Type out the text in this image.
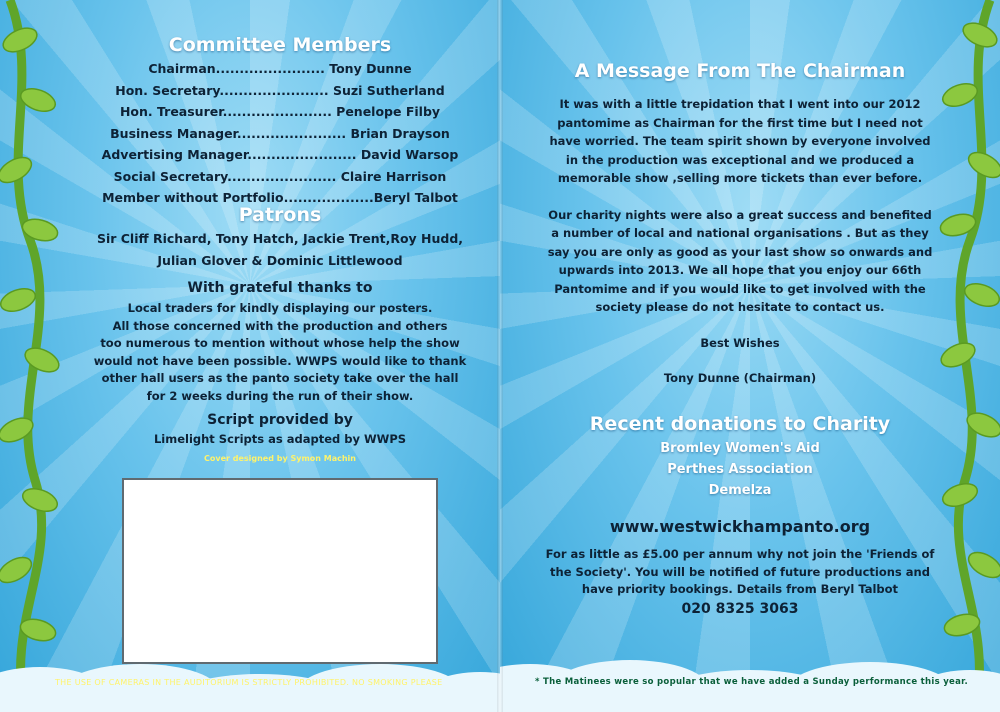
Committee Members
Chairman....................... Tony Dunne
Hon. Secretary....................... Suzi Sutherland
Hon. Treasurer....................... Penelope Filby
Business Manager....................... Brian Drayson
Advertising Manager....................... David Warsop
Social Secretary....................... Claire Harrison
Member without Portfolio...................Beryl Talbot
Patrons
Sir Cliff Richard, Tony Hatch, Jackie Trent,Roy Hudd,
Julian Glover & Dominic Littlewood
With grateful thanks to
Local traders for kindly displaying our posters.
All those concerned with the production and others
too numerous to mention without whose help the show
would not have been possible. WWPS would like to thank
other hall users as the panto society take over the hall
for 2 weeks during the run of their show.
Script provided by
Limelight Scripts as adapted by WWPS
Cover designed by Symon Machin
THE USE OF CAMERAS IN THE AUDITORIUM IS STRICTLY PROHIBITED. NO SMOKING PLEASE
A Message From The Chairman
It was with a little trepidation that I went into our 2012
pantomime as Chairman for the first time but I need not
have worried. The team spirit shown by everyone involved
in the production was exceptional and we produced a
memorable show ,selling more tickets than ever before.
Our charity nights were also a great success and benefited
a number of local and national organisations . But as they
say you are only as good as your last show so onwards and
upwards into 2013. We all hope that you enjoy our 66th
Pantomime and if you would like to get involved with the
society please do not hesitate to contact us.
Best Wishes
Tony Dunne (Chairman)
Recent donations to Charity
Bromley Women's Aid
Perthes Association
Demelza
www.westwickhampanto.org
For as little as £5.00 per annum why not join the 'Friends of
the Society'. You will be notified of future productions and
have priority bookings. Details from Beryl Talbot
020 8325 3063
* The Matinees were so popular that we have added a Sunday performance this year.
